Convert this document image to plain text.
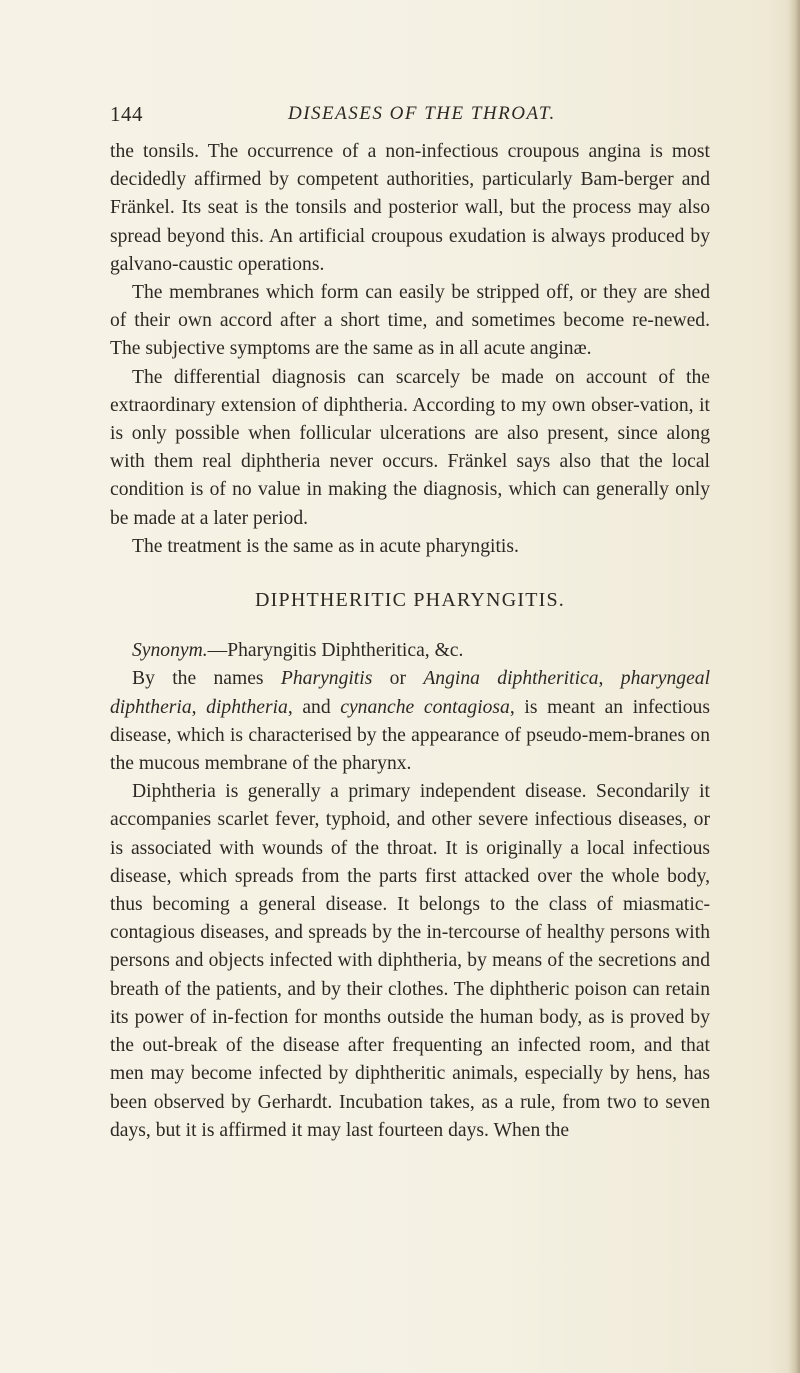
144	DISEASES OF THE THROAT.

the tonsils. The occurrence of a non-infectious croupous angina is most decidedly affirmed by competent authorities, particularly Bam-berger and Fränkel. Its seat is the tonsils and posterior wall, but the process may also spread beyond this. An artificial croupous exudation is always produced by galvano-caustic operations.

The membranes which form can easily be stripped off, or they are shed of their own accord after a short time, and sometimes become re-newed. The subjective symptoms are the same as in all acute anginæ.

The differential diagnosis can scarcely be made on account of the extraordinary extension of diphtheria. According to my own obser-vation, it is only possible when follicular ulcerations are also present, since along with them real diphtheria never occurs. Fränkel says also that the local condition is of no value in making the diagnosis, which can generally only be made at a later period.

The treatment is the same as in acute pharyngitis.

DIPHTHERITIC PHARYNGITIS.

Synonym.—Pharyngitis Diphtheritica, &c.

By the names Pharyngitis or Angina diphtheritica, pharyngeal diphtheria, diphtheria, and cynanche contagiosa, is meant an infectious disease, which is characterised by the appearance of pseudo-mem-branes on the mucous membrane of the pharynx.

Diphtheria is generally a primary independent disease. Secondarily it accompanies scarlet fever, typhoid, and other severe infectious diseases, or is associated with wounds of the throat. It is originally a local infectious disease, which spreads from the parts first attacked over the whole body, thus becoming a general disease. It belongs to the class of miasmatic-contagious diseases, and spreads by the in-tercourse of healthy persons with persons and objects infected with diphtheria, by means of the secretions and breath of the patients, and by their clothes. The diphtheric poison can retain its power of in-fection for months outside the human body, as is proved by the out-break of the disease after frequenting an infected room, and that men may become infected by diphtheritic animals, especially by hens, has been observed by Gerhardt. Incubation takes, as a rule, from two to seven days, but it is affirmed it may last fourteen days. When the
